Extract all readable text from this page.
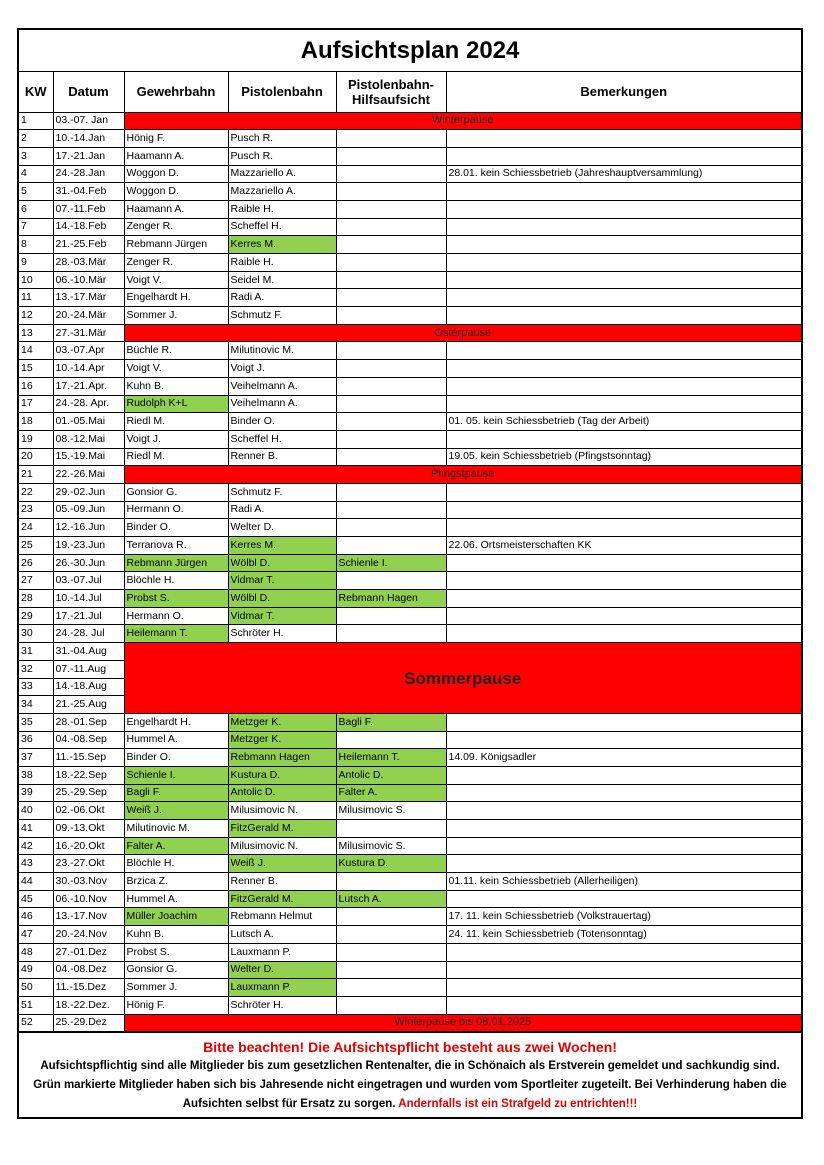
Aufsichtsplan 2024
KW	Datum	Gewehrbahn	Pistolenbahn	Pistolenbahn-Hilfsaufsicht	Bemerkungen
1	03.-07. Jan	Winterpause			
2	10.-14.Jan	Hönig F.	Pusch R.		
3	17.-21.Jan	Haamann A.	Pusch R.		
4	24.-28.Jan	Woggon D.	Mazzariello A.		28.01. kein Schiessbetrieb (Jahreshauptversammlung)
5	31.-04.Feb	Woggon D.	Mazzariello A.		
6	07.-11.Feb	Haamann A.	Raible H.		
7	14.-18.Feb	Zenger R.	Scheffel H.		
8	21.-25.Feb	Rebmann Jürgen	Kerres M.		
9	28.-03.Mär	Zenger R.	Raible H.		
10	06.-10.Mär	Voigt V.	Seidel M.		
11	13.-17.Mär	Engelhardt H.	Radi A.		
12	20.-24.Mär	Sommer J.	Schmutz F.		
13	27.-31.Mär	Osterpause			
14	03.-07.Apr	Büchle R.	Milutinovic M.		
15	10.-14.Apr	Voigt V.	Voigt J.		
16	17.-21.Apr.	Kuhn B.	Veihelmann A.		
17	24.-28. Apr.	Rudolph K+L	Veihelmann A.		
18	01.-05.Mai	Riedl M.	Binder O.		01. 05. kein Schiessbetrieb (Tag der Arbeit)
19	08.-12.Mai	Voigt J.	Scheffel H.		
20	15.-19.Mai	Riedl M.	Renner B.		19.05. kein Schiessbetrieb (Pfingstsonntag)
21	22.-26.Mai	Pfingstpause			
22	29.-02.Jun	Gonsior G.	Schmutz F.		
23	05.-09.Jun	Hermann O.	Radi A.		
24	12.-16.Jun	Binder O.	Welter D.		
25	19.-23.Jun	Terranova R.	Kerres M.		22.06. Ortsmeisterschaften KK
26	26.-30.Jun	Rebmann Jürgen	Wölbl D.	Schienle I.	
27	03.-07.Jul	Blöchle H.	Vidmar T.		
28	10.-14.Jul	Probst S.	Wölbl D.	Rebmann Hagen	
29	17.-21.Jul	Hermann O.	Vidmar T.		
30	24.-28. Jul	Heilemann T.	Schröter H.		
31	31.-04.Aug	Sommerpause			
32	07.-11.Aug				
33	14.-18.Aug				
34	21.-25.Aug				
35	28.-01.Sep	Engelhardt H.	Metzger K.	Bagli F.	
36	04.-08.Sep	Hummel A.	Metzger K.		
37	11.-15.Sep	Binder O.	Rebmann Hagen	Heilemann T.	14.09. Königsadler
38	18.-22.Sep	Schienle I.	Kustura D.	Antolic D.	
39	25.-29.Sep	Bagli F.	Antolic D.	Falter A.	
40	02.-06.Okt	Weiß J.	Milusimovic N.	Milusimovic S.	
41	09.-13.Okt	Milutinovic M.	FitzGerald M.		
42	16.-20.Okt	Falter A.	Milusimovic N.	Milusimovic S.	
43	23.-27.Okt	Blöchle H.	Weiß J.	Kustura D.	
44	30.-03.Nov	Brzica Z.	Renner B.		01.11. kein Schiessbetrieb (Allerheiligen)
45	06.-10.Nov	Hummel A.	FitzGerald M.	Lutsch A.	
46	13.-17.Nov	Müller Joachim	Rebmann Helmut		17. 11. kein Schiessbetrieb (Volkstrauertag)
47	20.-24.Nov	Kuhn B.	Lutsch A.		24. 11. kein Schiessbetrieb (Totensonntag)
48	27.-01.Dez	Probst S.	Lauxmann P.		
49	04.-08.Dez	Gonsior G.	Welter D.		
50	11.-15.Dez	Sommer J.	Lauxmann P.		
51	18.-22.Dez.	Hönig F.	Schröter H.		
52	25.-29.Dez	Winterpause bis 08.01.2025			
Bitte beachten! Die Aufsichtspflicht besteht aus zwei Wochen!
Aufsichtspflichtig sind alle Mitglieder bis zum gesetzlichen Rentenalter, die in Schönaich als Erstverein gemeldet und sachkundig sind. Grün markierte Mitglieder haben sich bis Jahresende nicht eingetragen und wurden vom Sportleiter zugeteilt. Bei Verhinderung haben die Aufsichten selbst für Ersatz zu sorgen. Andernfalls ist ein Strafgeld zu entrichten!!!
